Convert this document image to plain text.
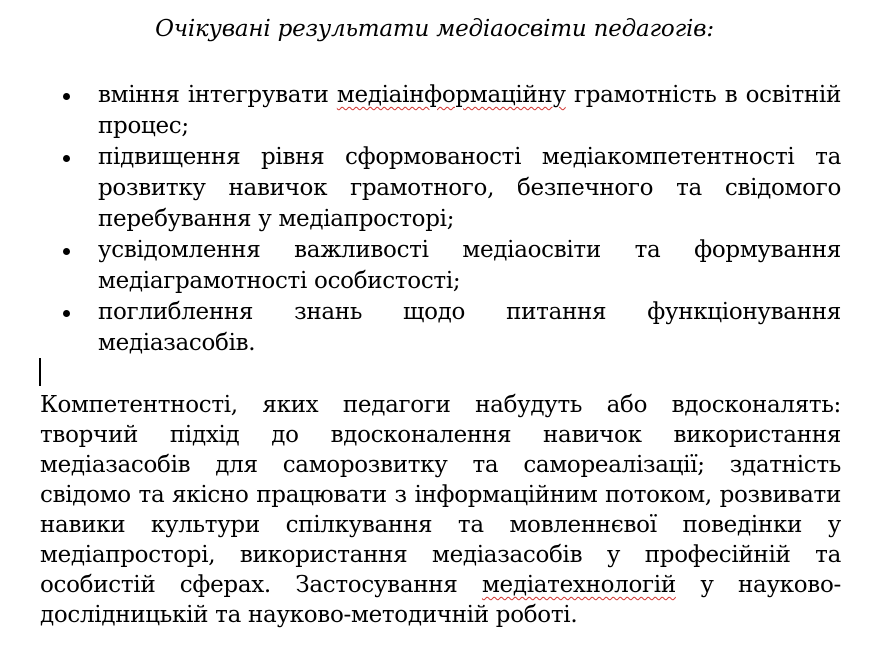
Очікувані результати медіаосвіти педагогів:
вміння інтегрувати медіаінформаційну грамотність в освітній процес;
підвищення рівня сформованості медіакомпетентності та розвитку навичок грамотного, безпечного та свідомого перебування у медіапросторі;
усвідомлення важливості медіаосвіти та формування медіаграмотності особистості;
поглиблення знань щодо питання функціонування медіазасобів.

Компетентності, яких педагоги набудуть або вдосконалять: творчий підхід до вдосконалення навичок використання медіазасобів для саморозвитку та самореалізації; здатність свідомо та якісно працювати з інформаційним потоком, розвивати навики культури спілкування та мовленнєвої поведінки у медіапросторі, використання медіазасобів у професійній та особистій сферах. Застосування медіатехнологій у науково-дослідницькій та науково-методичній роботі.
